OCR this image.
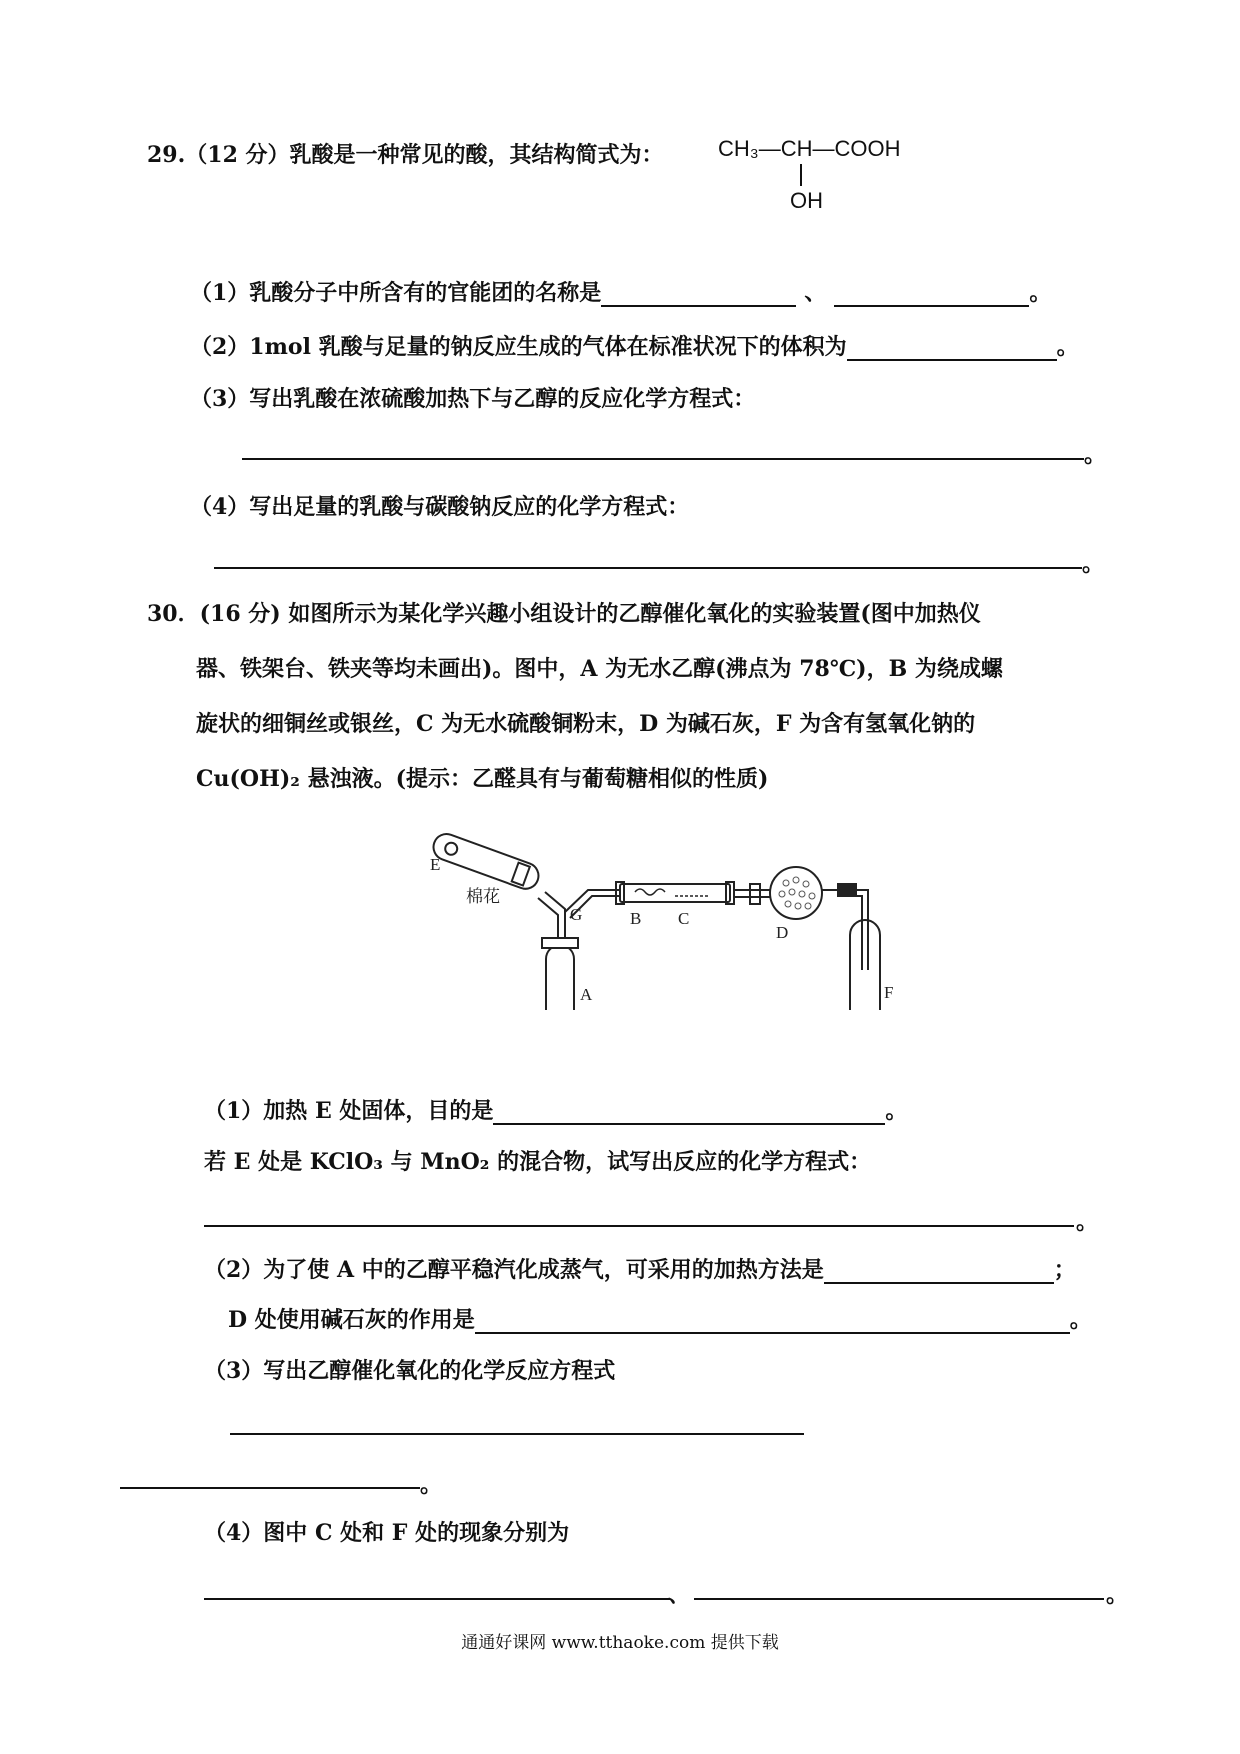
29.（12 分）乳酸是一种常见的酸，其结构简式为： CH₃—CH—COOH
OH
（1）乳酸分子中所含有的官能团的名称是	、	。
（2）1mol 乳酸与足量的钠反应生成的气体在标准状况下的体积为	。
（3）写出乳酸在浓硫酸加热下与乙醇的反应化学方程式：
。
（4）写出足量的乳酸与碳酸钠反应的化学方程式：
。
30．(16 分) 如图所示为某化学兴趣小组设计的乙醇催化氧化的实验装置(图中加热仪
器、铁架台、铁夹等均未画出)。图中，A 为无水乙醇(沸点为 78℃)，B 为绕成螺
旋状的细铜丝或银丝，C 为无水硫酸铜粉末，D 为碱石灰，F 为含有氢氧化钠的
Cu(OH)₂ 悬浊液。(提示：乙醛具有与葡萄糖相似的性质)
E
棉花
G	B C
D
A	F
（1）加热 E 处固体，目的是	。
若 E 处是 KClO₃ 与 MnO₂ 的混合物，试写出反应的化学方程式：
。
（2）为了使 A 中的乙醇平稳汽化成蒸气，可采用的加热方法是	；
D 处使用碱石灰的作用是	。
（3）写出乙醇催化氧化的化学反应方程式
。
（4）图中 C 处和 F 处的现象分别为
、	。
通通好课网 www.tthaoke.com 提供下载
